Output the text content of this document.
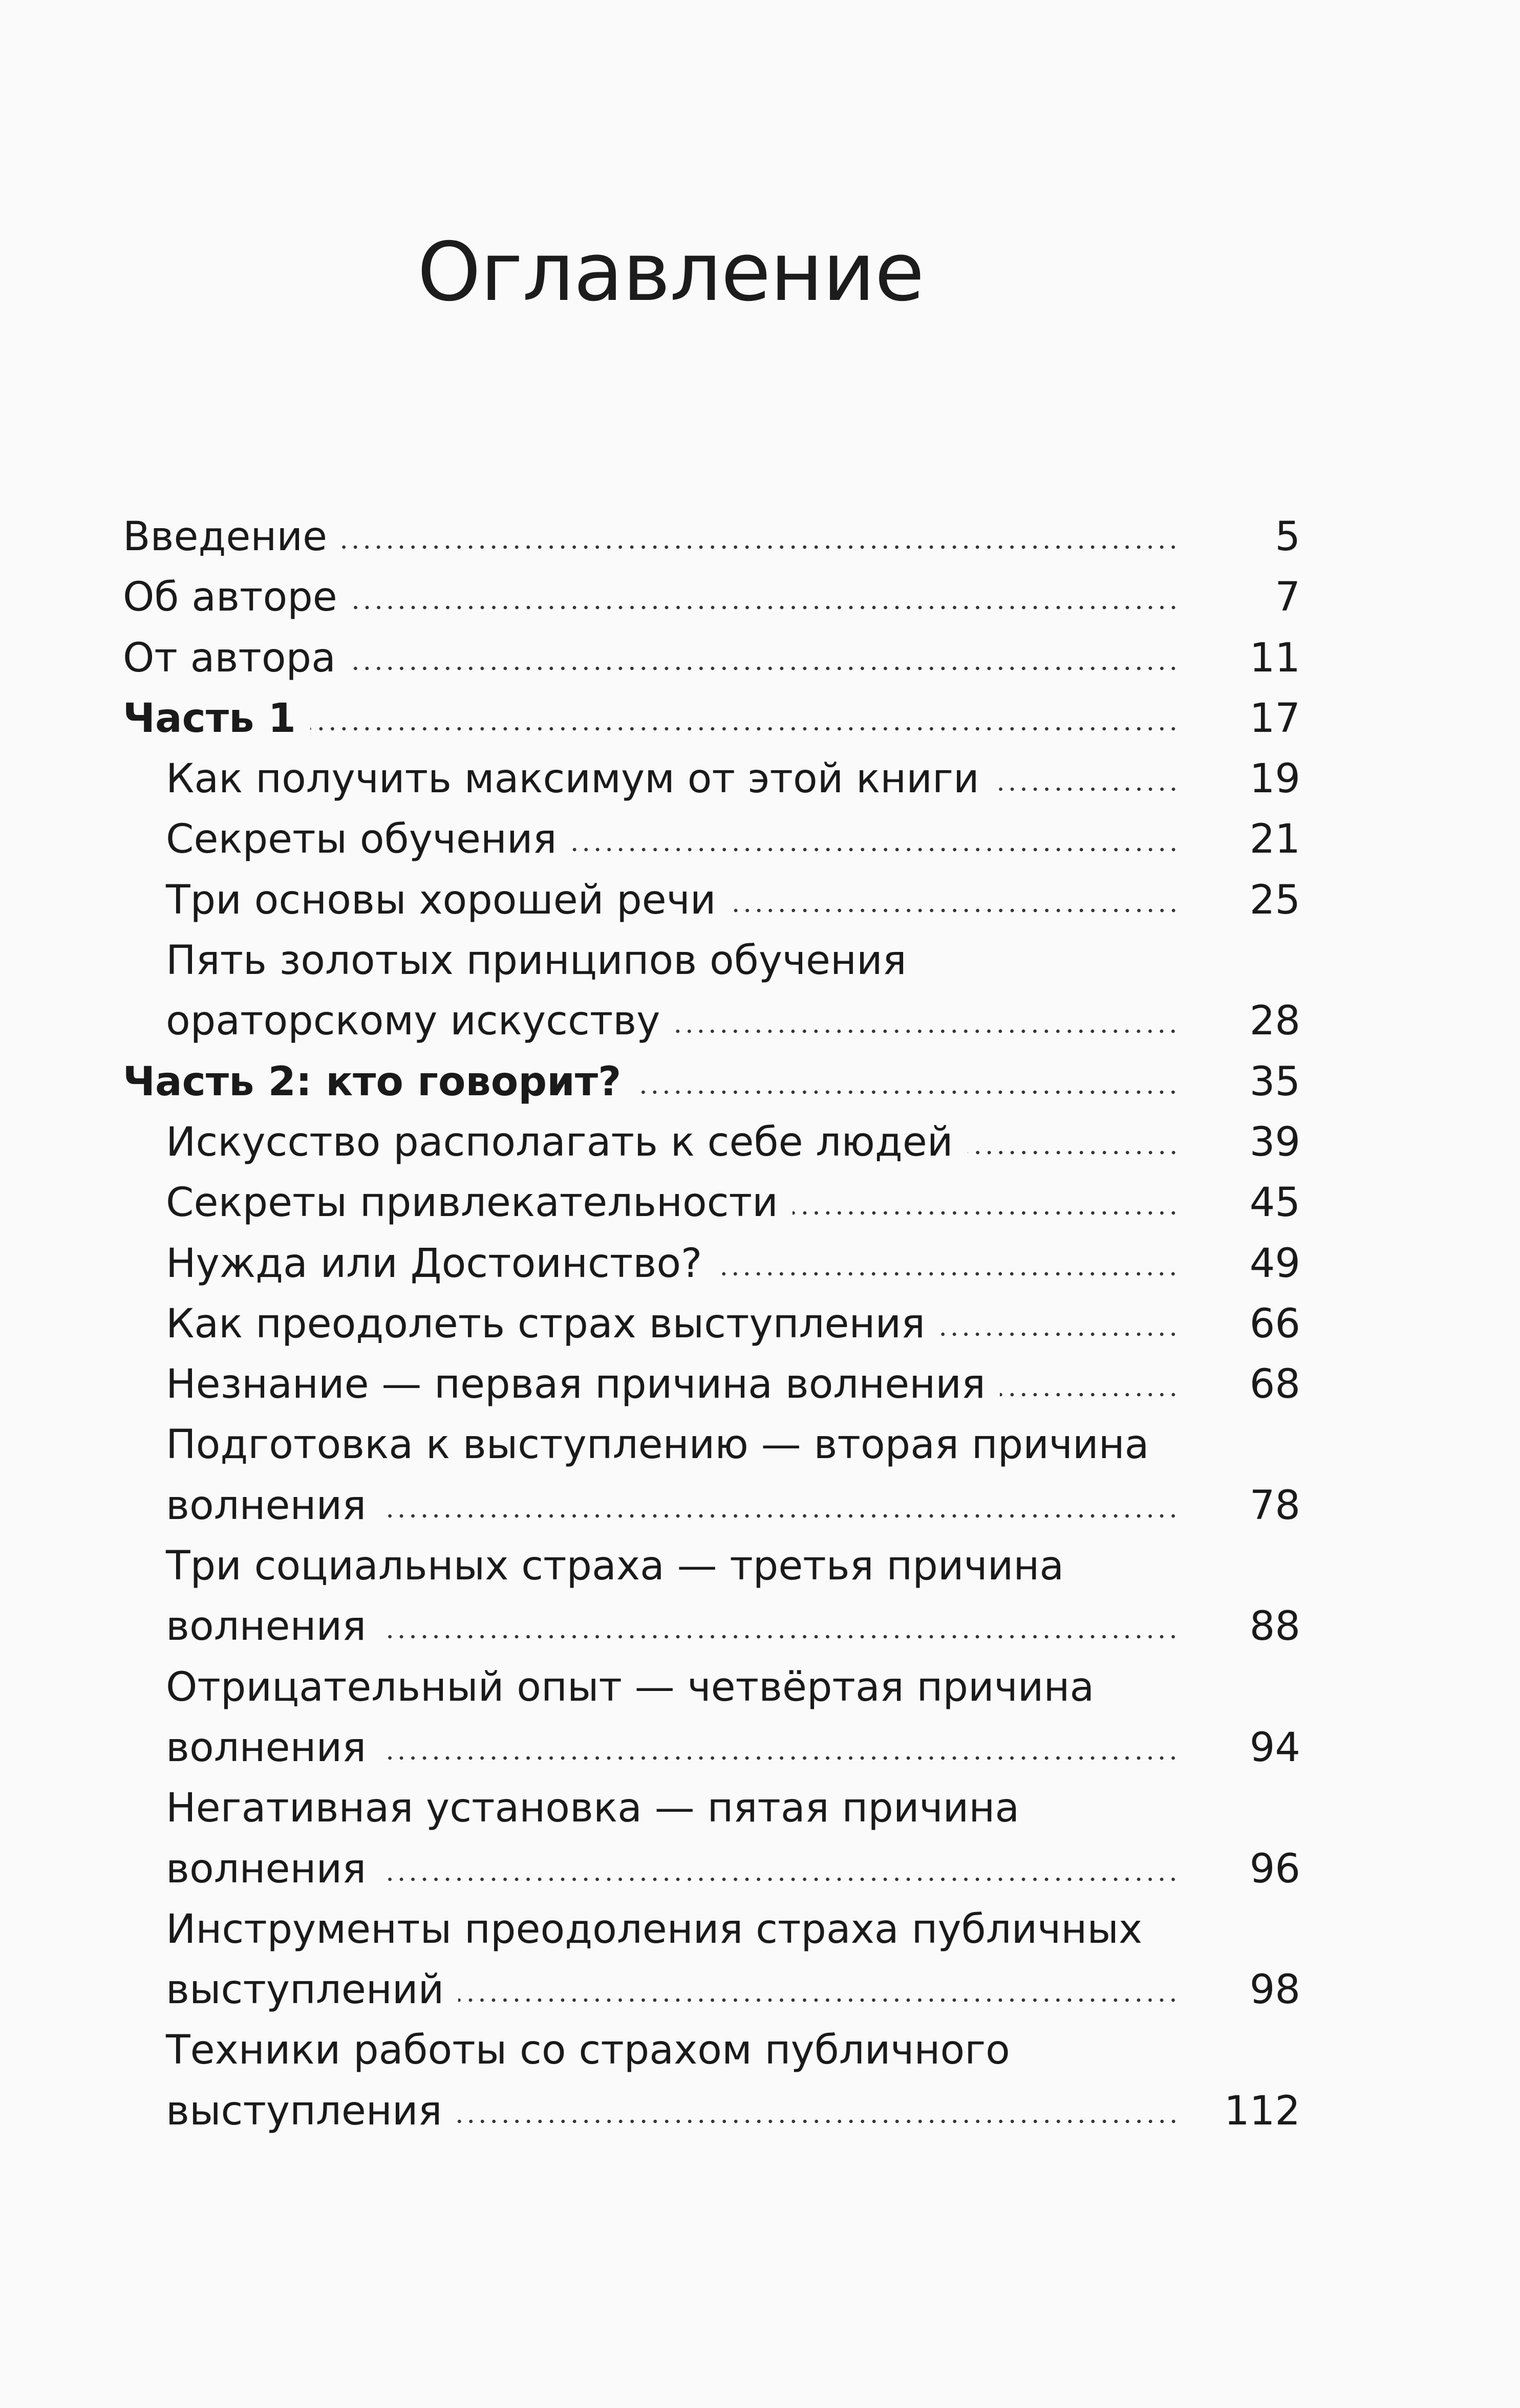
Оглавление
Введение	5
Об авторе	7
От автора	11
Часть 1	17
Как получить максимум от этой книги	19
Секреты обучения	21
Три основы хорошей речи	25
Пять золотых принципов обучения
ораторскому искусству	28
Часть 2: кто говорит?	35
Искусство располагать к себе людей	39
Секреты привлекательности	45
Нужда или Достоинство?	49
Как преодолеть страх выступления	66
Незнание — первая причина волнения	68
Подготовка к выступлению — вторая причина
волнения	78
Три социальных страха — третья причина
волнения	88
Отрицательный опыт — четвёртая причина
волнения	94
Негативная установка — пятая причина
волнения	96
Инструменты преодоления страха публичных
выступлений	98
Техники работы со страхом публичного
выступления	112
